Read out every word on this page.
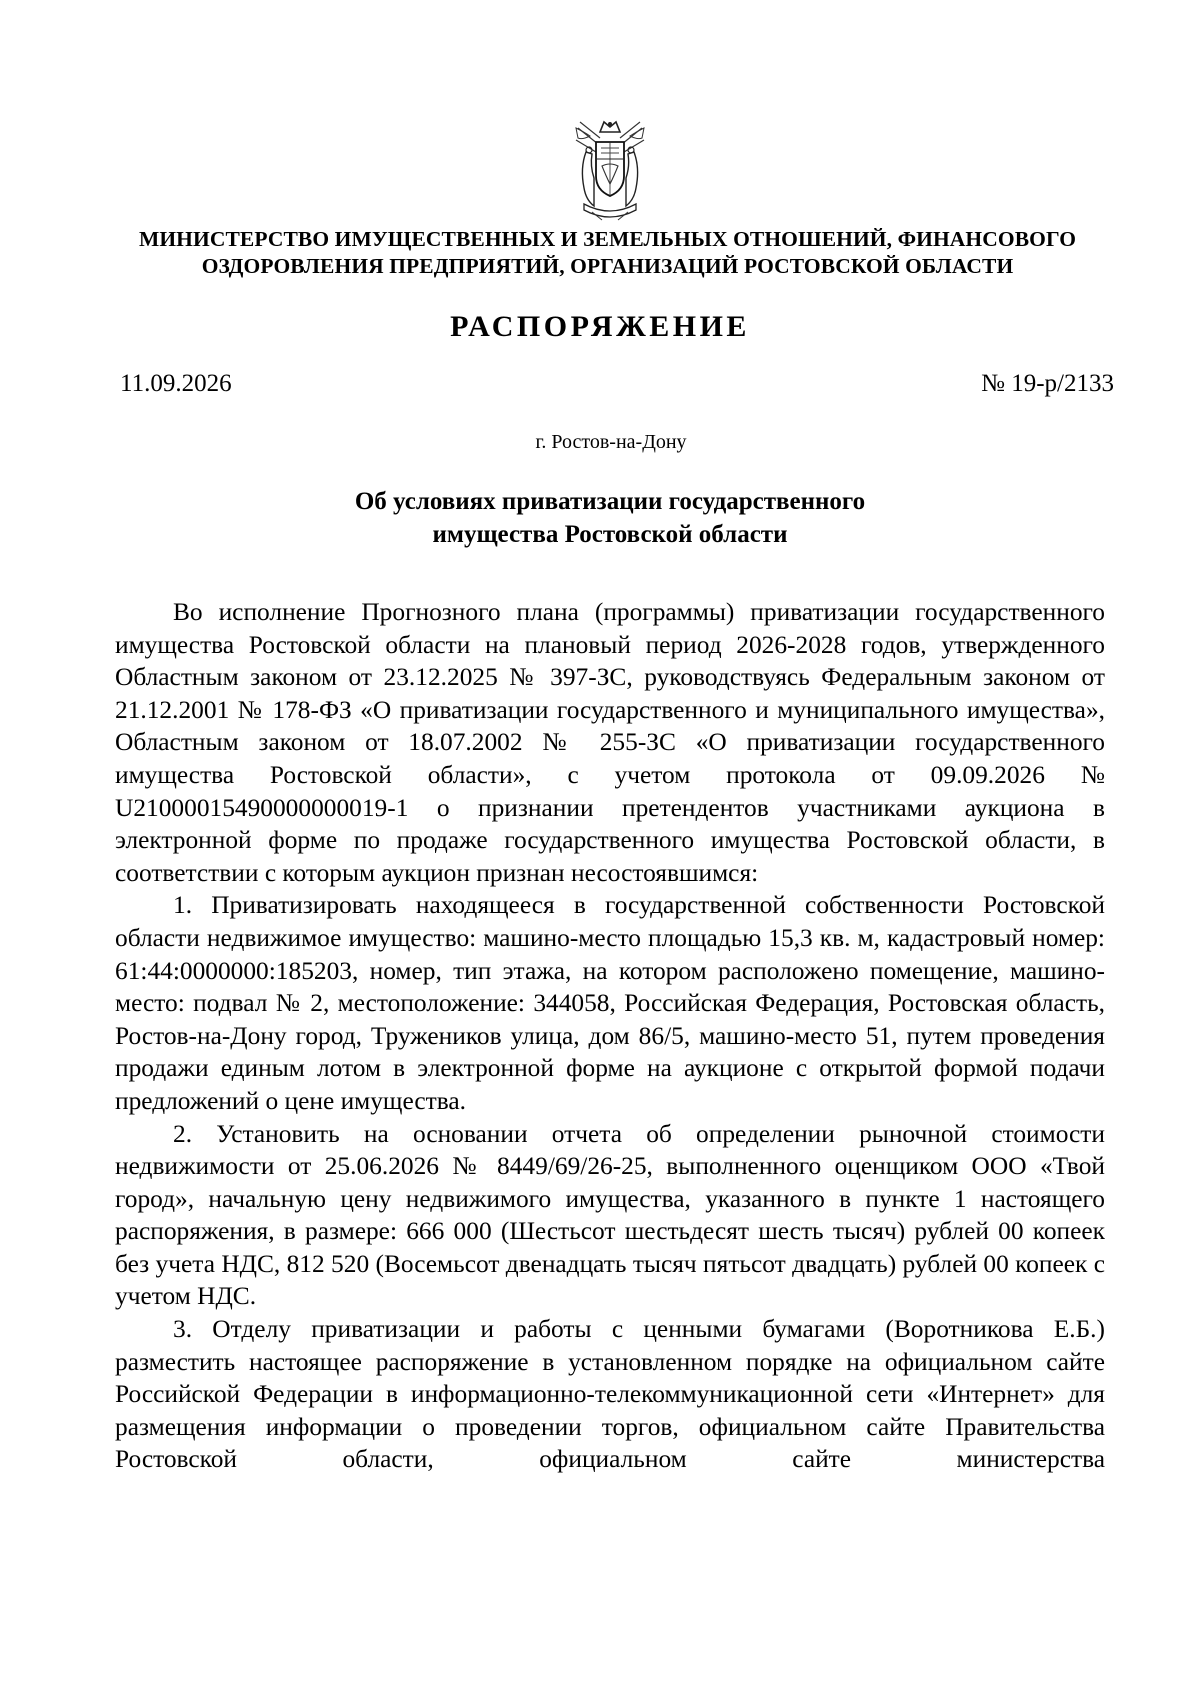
МИНИСТЕРСТВО ИМУЩЕСТВЕННЫХ И ЗЕМЕЛЬНЫХ ОТНОШЕНИЙ, ФИНАНСОВОГО
ОЗДОРОВЛЕНИЯ ПРЕДПРИЯТИЙ, ОРГАНИЗАЦИЙ РОСТОВСКОЙ ОБЛАСТИ
РАСПОРЯЖЕНИЕ
11.09.2026	№ 19-р/2133
г. Ростов-на-Дону
Об условиях приватизации государственного
имущества Ростовской области

Во исполнение Прогнозного плана (программы) приватизации государственного имущества Ростовской области на плановый период 2026-2028 годов, утвержденного Областным законом от 23.12.2025 № 397-ЗС, руководствуясь Федеральным законом от 21.12.2001 № 178-ФЗ «О приватизации государственного и муниципального имущества», Областным законом от 18.07.2002 № 255-ЗС «О приватизации государственного имущества Ростовской области», с учетом протокола от 09.09.2026 № U21000015490000000019-1 о признании претендентов участниками аукциона в электронной форме по продаже государственного имущества Ростовской области, в соответствии с которым аукцион признан несостоявшимся:

1. Приватизировать находящееся в государственной собственности Ростовской области недвижимое имущество: машино-место площадью 15,3 кв. м, кадастровый номер: 61:44:0000000:185203, номер, тип этажа, на котором расположено помещение, машино-место: подвал № 2, местоположение: 344058, Российская Федерация, Ростовская область, Ростов-на-Дону город, Тружеников улица, дом 86/5, машино-место 51, путем проведения продажи единым лотом в электронной форме на аукционе с открытой формой подачи предложений о цене имущества.

2. Установить на основании отчета об определении рыночной стоимости недвижимости от 25.06.2026 № 8449/69/26-25, выполненного оценщиком ООО «Твой город», начальную цену недвижимого имущества, указанного в пункте 1 настоящего распоряжения, в размере: 666 000 (Шестьсот шестьдесят шесть тысяч) рублей 00 копеек без учета НДС, 812 520 (Восемьсот двенадцать тысяч пятьсот двадцать) рублей 00 копеек с учетом НДС.

3. Отделу приватизации и работы с ценными бумагами (Воротникова Е.Б.) разместить настоящее распоряжение в установленном порядке на официальном сайте Российской Федерации в информационно-телекоммуникационной сети «Интернет» для размещения информации о проведении торгов, официальном сайте Правительства Ростовской области, официальном сайте министерства
